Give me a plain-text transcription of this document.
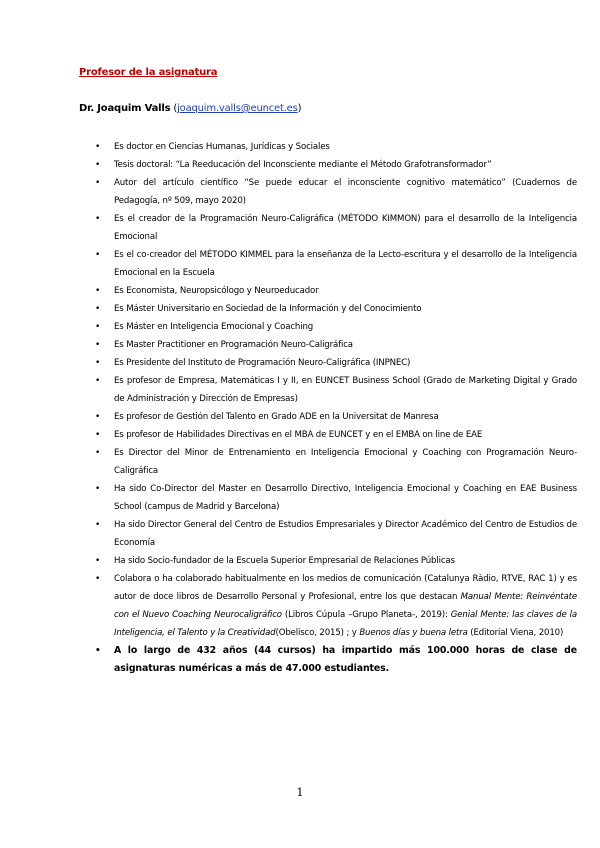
Profesor de la asignatura
Dr. Joaquim Valls (joaquim.valls@euncet.es)
• Es doctor en Ciencias Humanas, Jurídicas y Sociales
• Tesis doctoral: “La Reeducación del Inconsciente mediante el Método Grafotransformador”
• Autor del artículo científico “Se puede educar el inconsciente cognitivo matemático” (Cuadernos de Pedagogía, nº 509, mayo 2020)
• Es el creador de la Programación Neuro-Caligráfica (MÉTODO KIMMON) para el desarrollo de la Inteligencia Emocional
• Es el co-creador del MÉTODO KIMMEL para la enseñanza de la Lecto-escritura y el desarrollo de la Inteligencia Emocional en la Escuela
• Es Economista, Neuropsicólogo y Neuroeducador
• Es Máster Universitario en Sociedad de la Información y del Conocimiento
• Es Máster en Inteligencia Emocional y Coaching
• Es Master Practitioner en Programación Neuro-Caligráfica
• Es Presidente del Instituto de Programación Neuro-Caligráfica (INPNEC)
• Es profesor de Empresa, Matemáticas I y II, en EUNCET Business School (Grado de Marketing Digital y Grado de Administración y Dirección de Empresas)
• Es profesor de Gestión del Talento en Grado ADE en la Universitat de Manresa
• Es profesor de Habilidades Directivas en el MBA de EUNCET y en el EMBA on line de EAE
• Es Director del Minor de Entrenamiento en Inteligencia Emocional y Coaching con Programación Neuro-Caligráfica
• Ha sido Co-Director del Master en Desarrollo Directivo, Inteligencia Emocional y Coaching en EAE Business School (campus de Madrid y Barcelona)
• Ha sido Director General del Centro de Estudios Empresariales y Director Académico del Centro de Estudios de Economía
• Ha sido Socio-fundador de la Escuela Superior Empresarial de Relaciones Públicas
• Colabora o ha colaborado habitualmente en los medios de comunicación (Catalunya Ràdio, RTVE, RAC 1) y es autor de doce libros de Desarrollo Personal y Profesional, entre los que destacan Manual Mente: Reinvéntate con el Nuevo Coaching Neurocaligráfico (Libros Cúpula –Grupo Planeta-, 2019): Genial Mente: las claves de la Inteligencia, el Talento y la Creatividad(Obelisco, 2015) ; y Buenos días y buena letra (Editorial Viena, 2010)
• A lo largo de 432 años (44 cursos) ha impartido más 100.000 horas de clase de asignaturas numéricas a más de 47.000 estudiantes.
1
